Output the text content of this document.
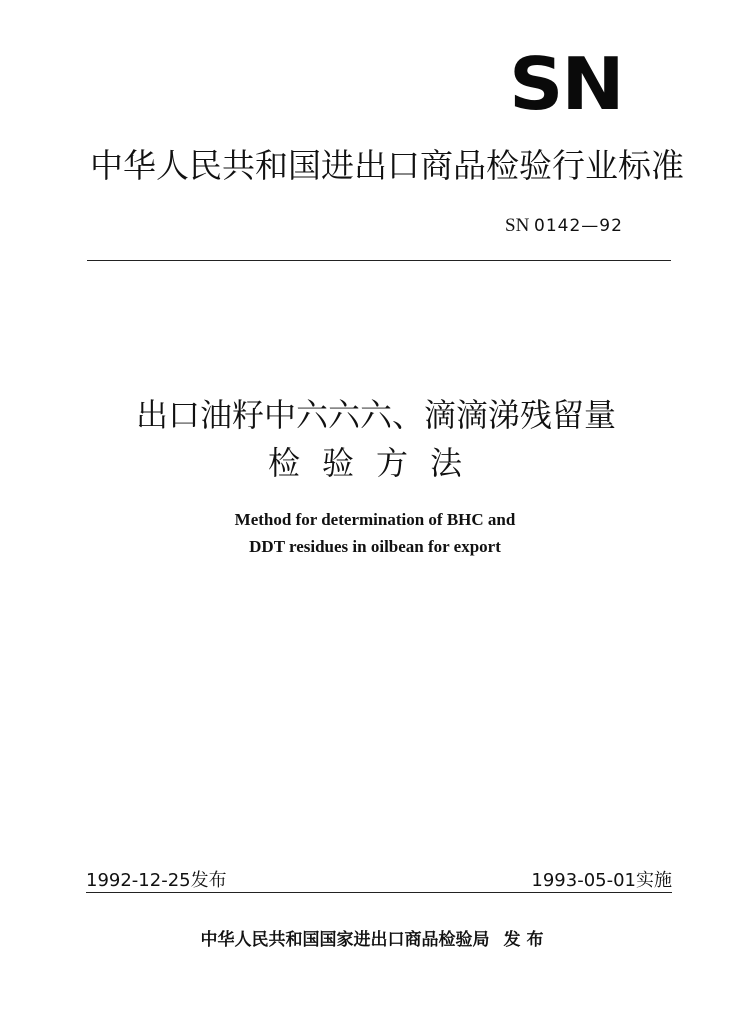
SN
中华人民共和国进出口商品检验行业标准
SN 0142—92
出口油籽中六六六、滴滴涕残留量
检验方法
Method for determination of BHC and
DDT residues in oilbean for export
1992-12-25发布	1993-05-01实施
中华人民共和国国家进出口商品检验局 发布
